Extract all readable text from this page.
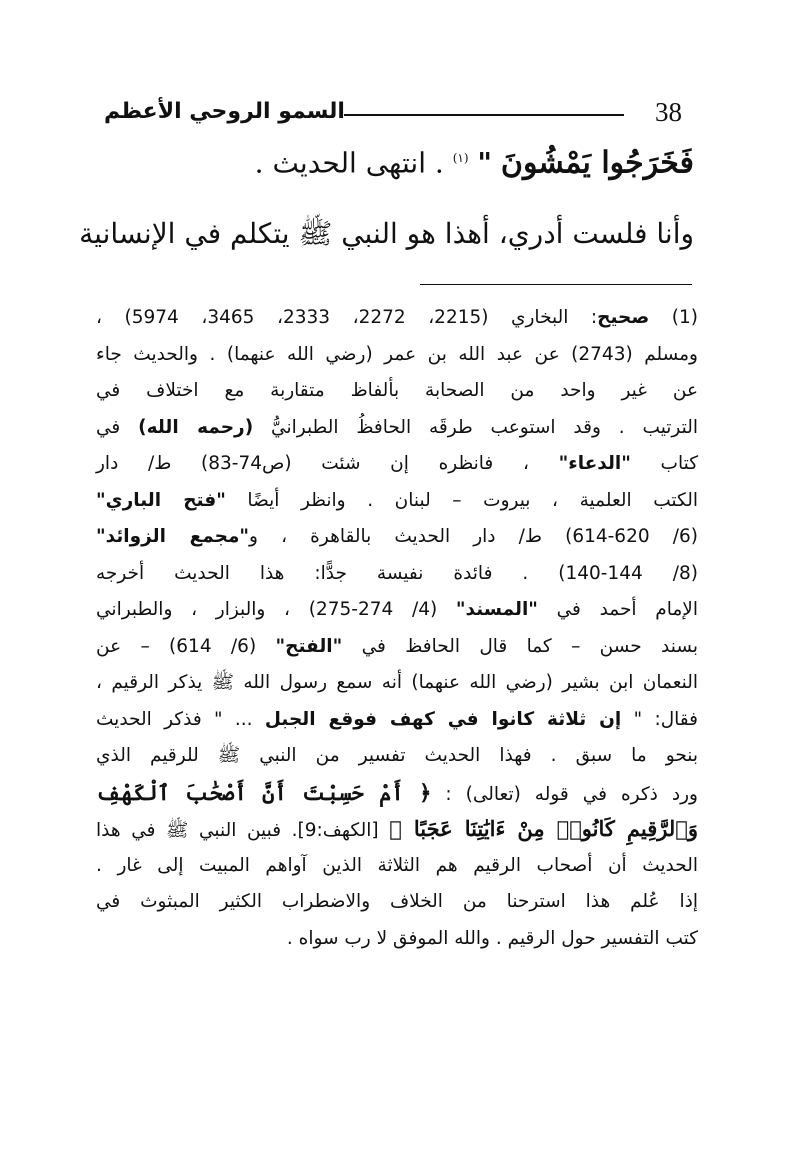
38
السمو الروحي الأعظم
فَخَرَجُوا يَمْشُونَ " $^{(١)}$ . انتهى الحديث .
وأنا فلست أدري، أهذا هو النبي ﷺ يتكلم في الإنسانية
(1) صحيح: البخاري (2215، 2272، 2333، 3465، 5974) ،
ومسلم (2743) عن عبد الله بن عمر (رضي الله عنهما) . والحديث جاء
عن غير واحد من الصحابة بألفاظ متقاربة مع اختلاف في
الترتيب . وقد استوعب طرقَه الحافظُ الطبرانيُّ (رحمه الله) في
كتاب "الدعاء" ، فانظره إن شئت (ص74-83) ط/ دار
الكتب العلمية ، بيروت – لبنان . وانظر أيضًا "فتح الباري"
(6/ 614-620) ط/ دار الحديث بالقاهرة ، و"مجمع الزوائد"
(8/ 140-144) . فائدة نفيسة جدًّا: هذا الحديث أخرجه
الإمام أحمد في "المسند" (4/ 274-275) ، والبزار ، والطبراني
بسند حسن – كما قال الحافظ في "الفتح" (6/ 614) – عن
النعمان ابن بشير (رضي الله عنهما) أنه سمع رسول الله ﷺ يذكر الرقيم ،
فقال: " إن ثلاثة كانوا في كهف فوقع الجبل ... " فذكر الحديث
بنحو ما سبق . فهذا الحديث تفسير من النبي ﷺ للرقيم الذي
ورد ذكره في قوله (تعالى) : ﴿ أَمْ حَسِبْتَ أَنَّ أَصْحَٰبَ ٱلْكَهْفِ
وَٱلرَّقِيمِ كَانُوا۟ مِنْ ءَايَٰتِنَا عَجَبًا ﴾ [الكهف:9]. فبين النبي ﷺ في هذا
الحديث أن أصحاب الرقيم هم الثلاثة الذين آواهم المبيت إلى غار .
إذا عُلم هذا استرحنا من الخلاف والاضطراب الكثير المبثوث في
كتب التفسير حول الرقيم . والله الموفق لا رب سواه .
